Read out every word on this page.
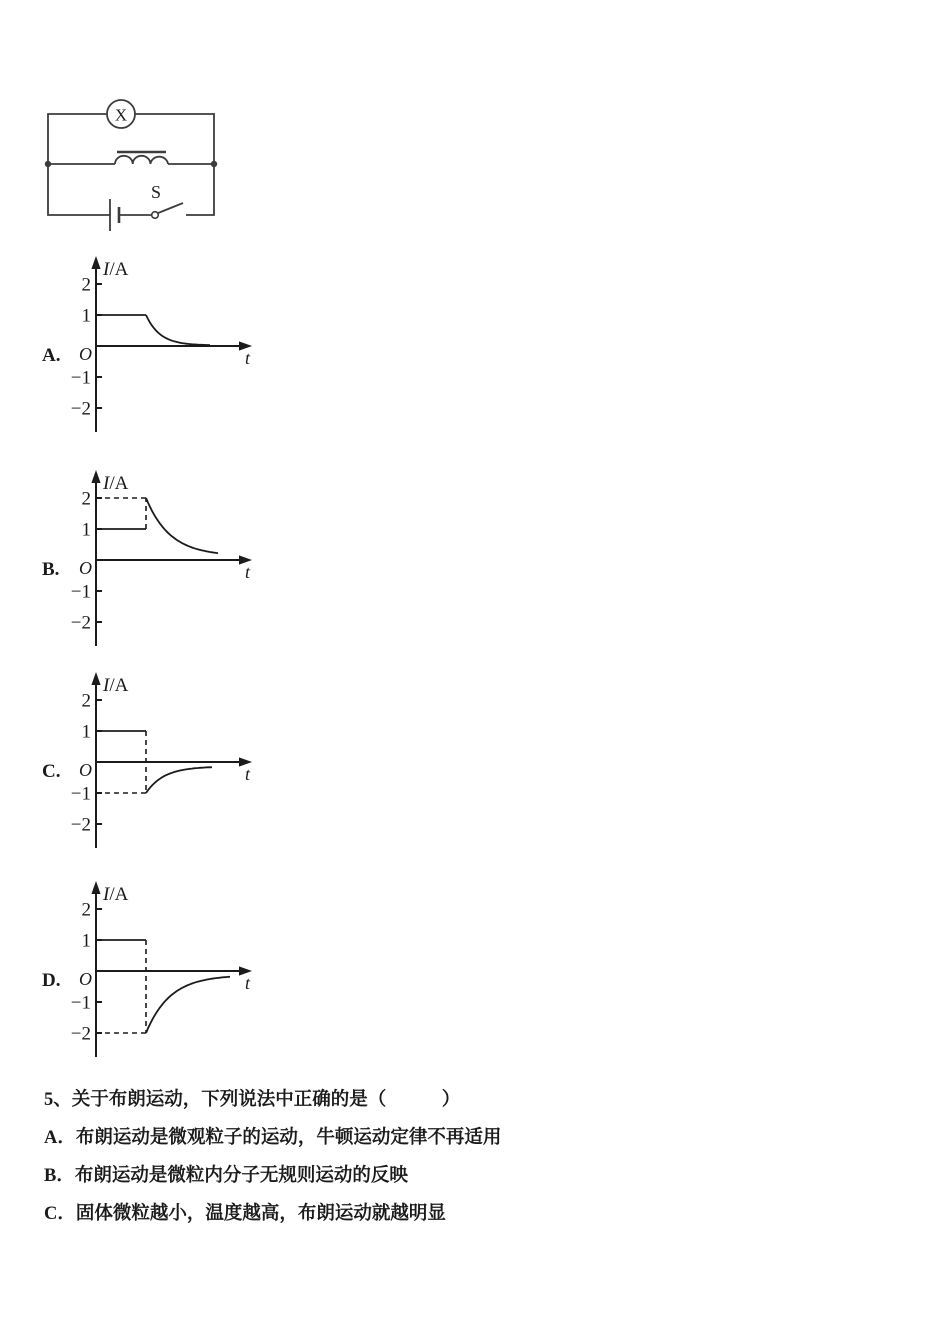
X
S
I/A
t
O
2
1
−1
−2
A.
I/A
t
O
2
1
−1
−2
B.
I/A
t
O
2
1
−1
−2
C.
I/A
t
O
2
1
−1
−2
D.

5、关于布朗运动，下列说法中正确的是（　　　）

A．布朗运动是微观粒子的运动，牛顿运动定律不再适用

B．布朗运动是微粒内分子无规则运动的反映

C．固体微粒越小，温度越高，布朗运动就越明显
